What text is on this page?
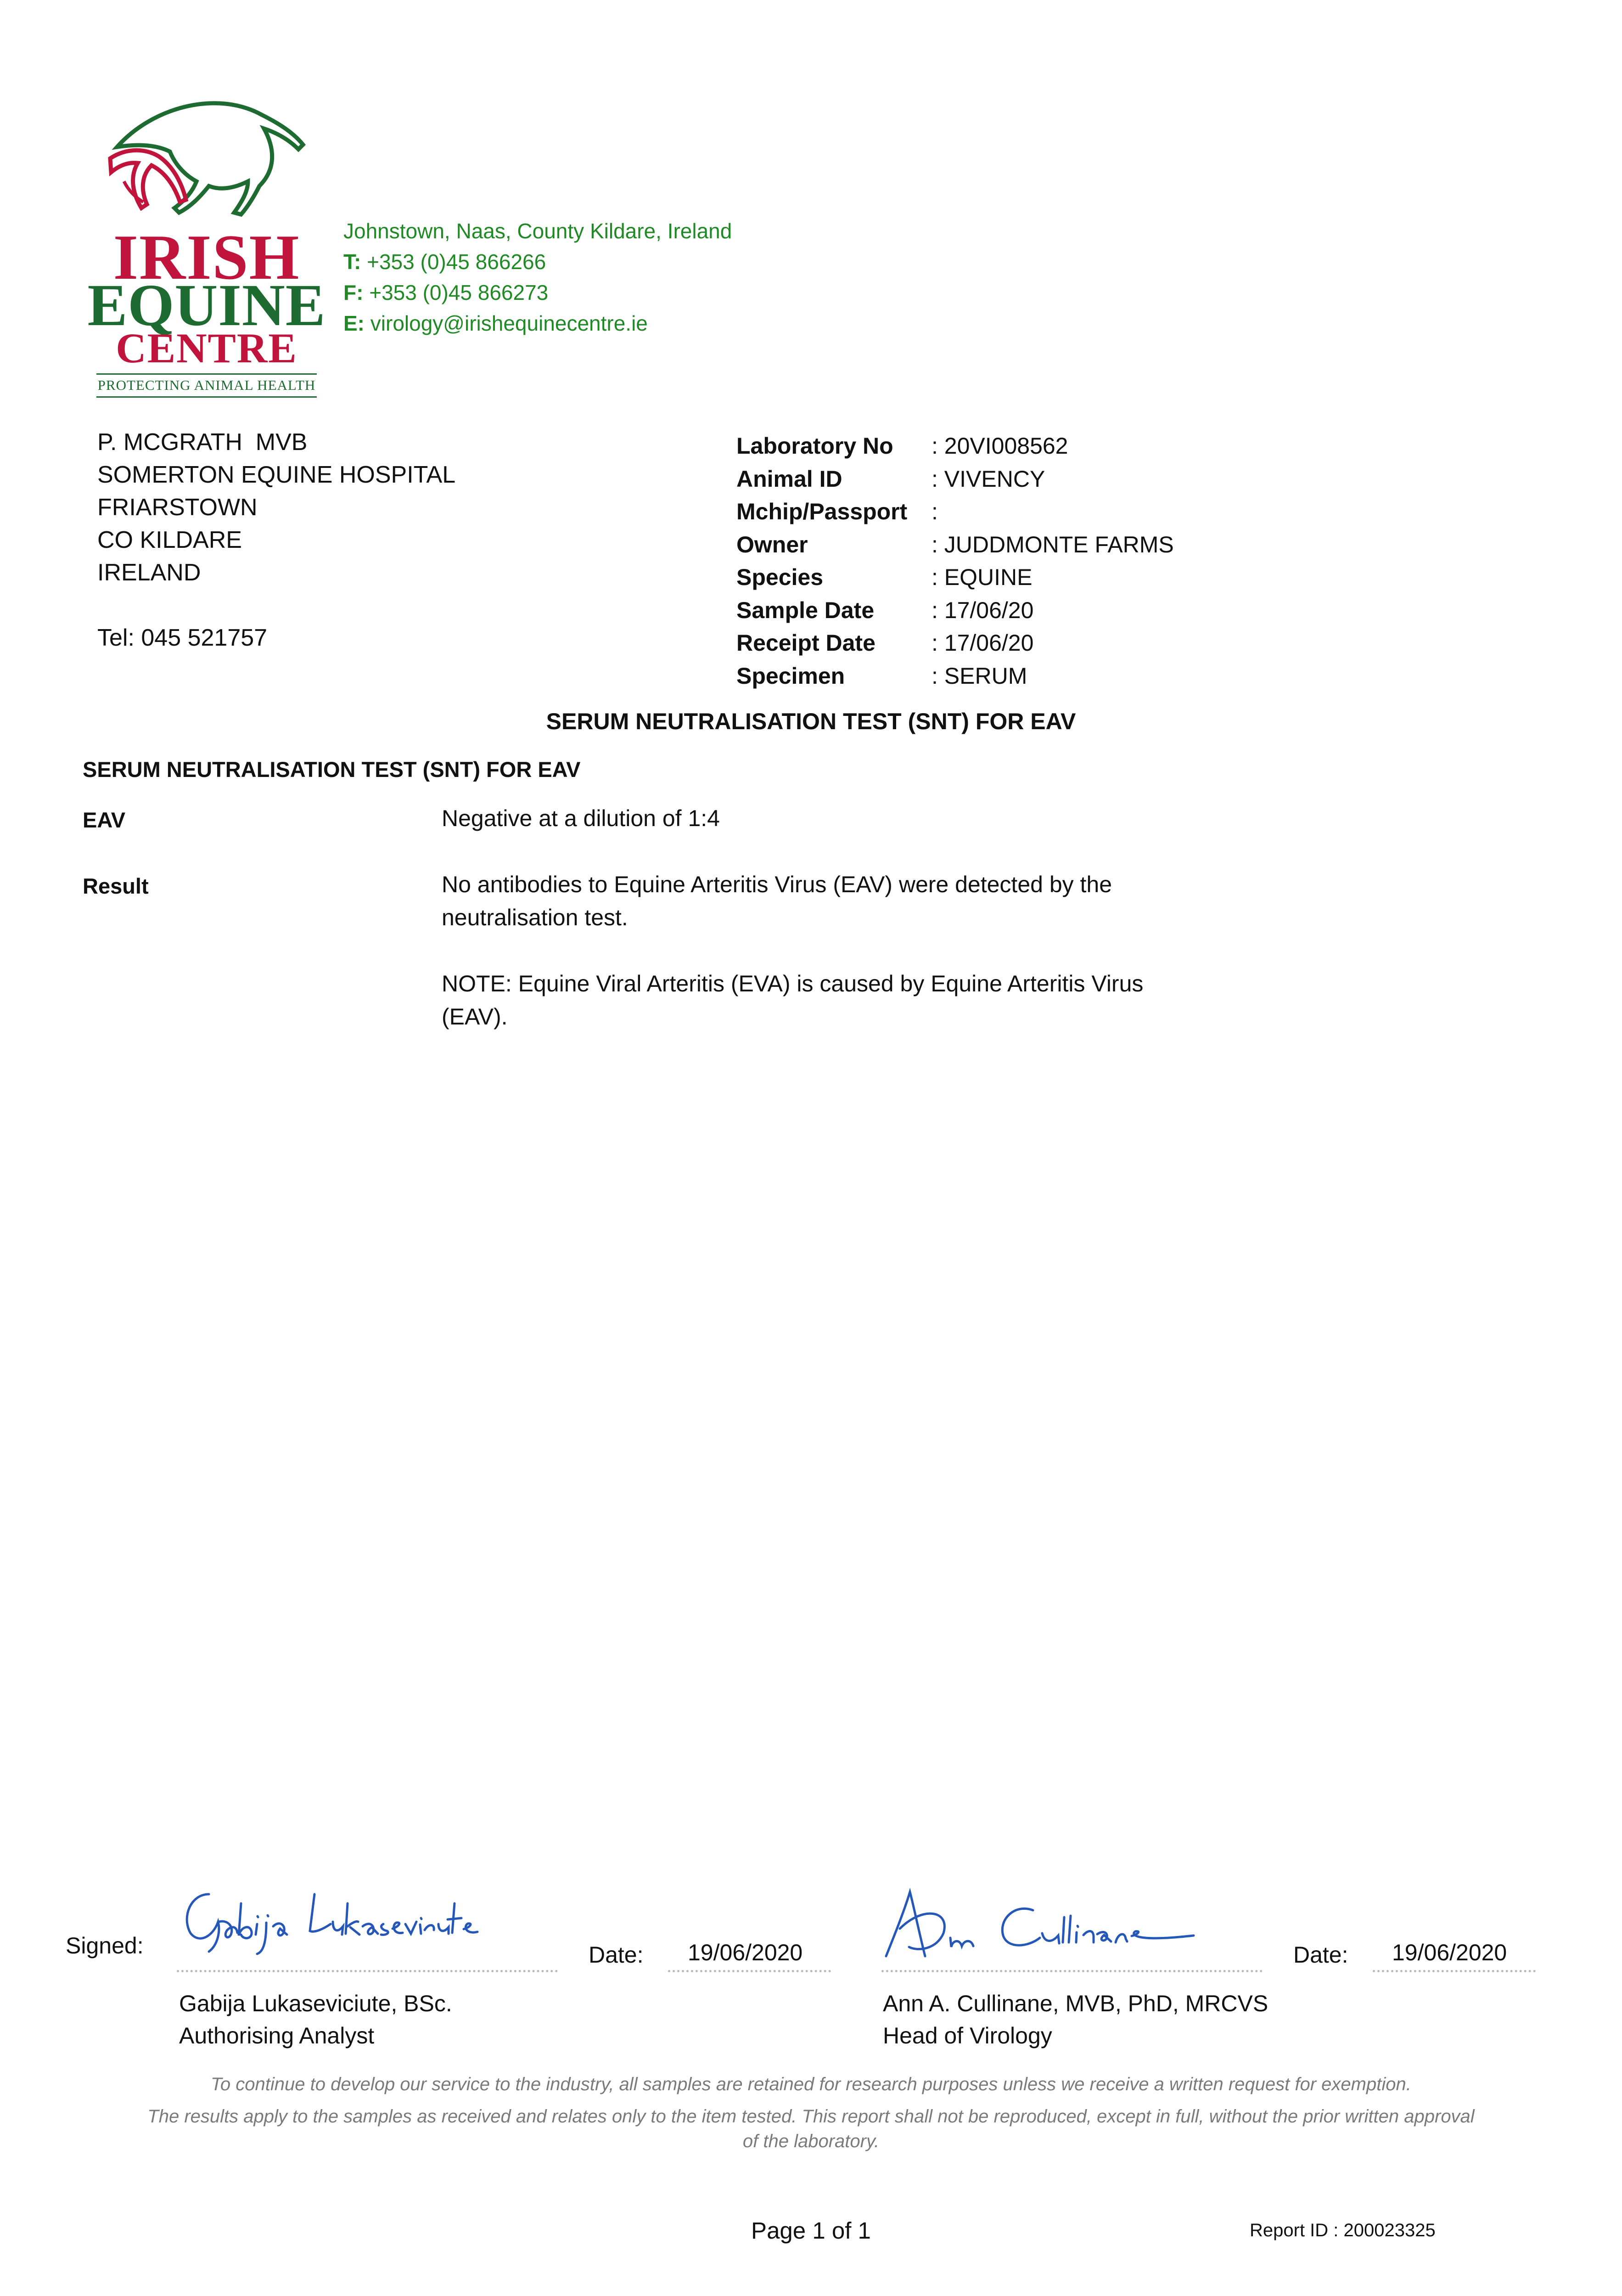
IRISH
EQUINE
CENTRE
PROTECTING ANIMAL HEALTH
Johnstown, Naas, County Kildare, Ireland
T: +353 (0)45 866266
F: +353 (0)45 866273
E: virology@irishequinecentre.ie
P. MCGRATH  MVB
SOMERTON EQUINE HOSPITAL
FRIARSTOWN
CO KILDARE
IRELAND
Tel: 045 521757
Laboratory No	: 20VI008562
Animal ID	: VIVENCY
Mchip/Passport	:
Owner	: JUDDMONTE FARMS
Species	: EQUINE
Sample Date	: 17/06/20
Receipt Date	: 17/06/20
Specimen	: SERUM
SERUM NEUTRALISATION TEST (SNT) FOR EAV
SERUM NEUTRALISATION TEST (SNT) FOR EAV
EAV	Negative at a dilution of 1:4
Result	No antibodies to Equine Arteritis Virus (EAV) were detected by the neutralisation test.
NOTE: Equine Viral Arteritis (EVA) is caused by Equine Arteritis Virus (EAV).
Signed:	Date: 19/06/2020
Gabija Lukaseviciute, BSc.
Authorising Analyst
Date: 19/06/2020
Ann A. Cullinane, MVB, PhD, MRCVS
Head of Virology
To continue to develop our service to the industry, all samples are retained for research purposes unless we receive a written request for exemption.
The results apply to the samples as received and relates only to the item tested. This report shall not be reproduced, except in full, without the prior written approval of the laboratory.
Page 1 of 1	Report ID : 200023325
